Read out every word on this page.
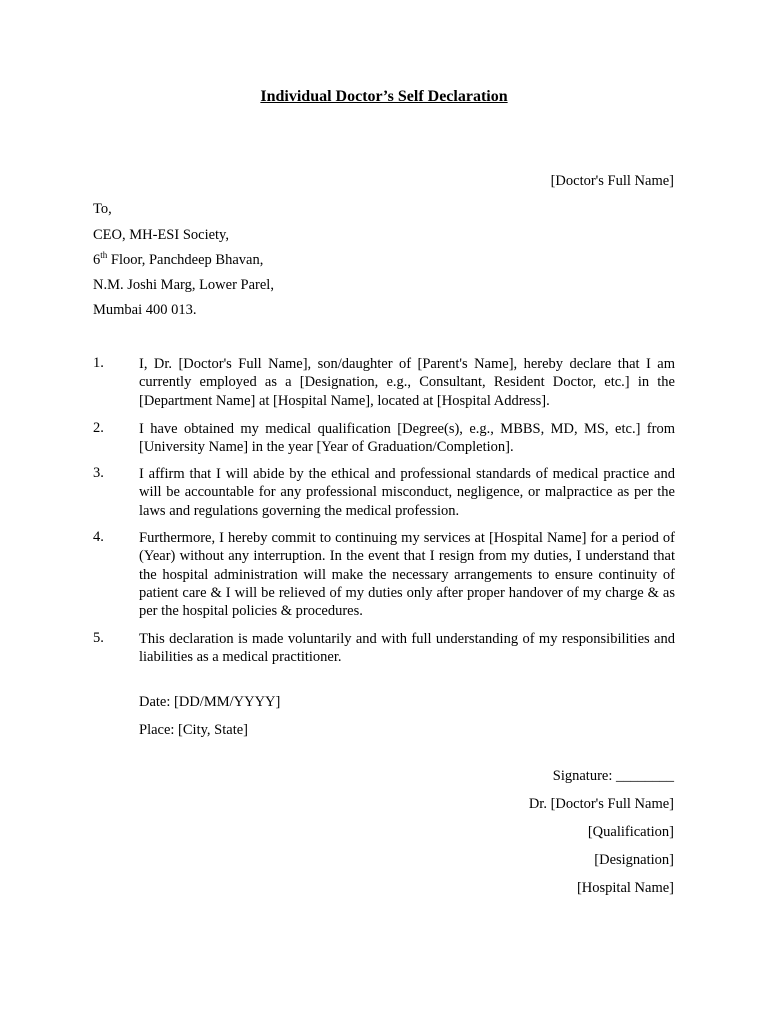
Individual Doctor’s Self Declaration

[Doctor's Full Name]

To,

CEO, MH-ESI Society,

6th Floor, Panchdeep Bhavan,

N.M. Joshi Marg, Lower Parel,

Mumbai 400 013.

1. I, Dr. [Doctor's Full Name], son/daughter of [Parent's Name], hereby declare that I am currently employed as a [Designation, e.g., Consultant, Resident Doctor, etc.] in the [Department Name] at [Hospital Name], located at [Hospital Address].

2. I have obtained my medical qualification [Degree(s), e.g., MBBS, MD, MS, etc.] from [University Name] in the year [Year of Graduation/Completion].

3. I affirm that I will abide by the ethical and professional standards of medical practice and will be accountable for any professional misconduct, negligence, or malpractice as per the laws and regulations governing the medical profession.

4. Furthermore, I hereby commit to continuing my services at [Hospital Name] for a period of (Year) without any interruption. In the event that I resign from my duties, I understand that the hospital administration will make the necessary arrangements to ensure continuity of patient care & I will be relieved of my duties only after proper handover of my charge & as per the hospital policies & procedures.

5. This declaration is made voluntarily and with full understanding of my responsibilities and liabilities as a medical practitioner.

Date: [DD/MM/YYYY]

Place: [City, State]

Signature: ________

Dr. [Doctor's Full Name]

[Qualification]

[Designation]

[Hospital Name]
